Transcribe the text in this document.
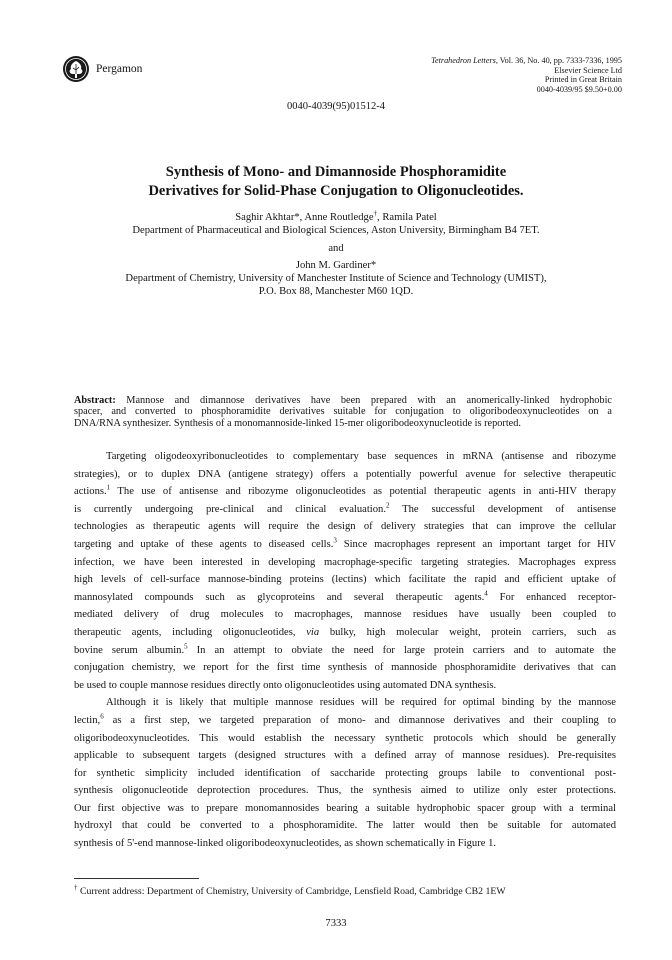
Pergamon
Tetrahedron Letters, Vol. 36, No. 40, pp. 7333-7336, 1995
Elsevier Science Ltd
Printed in Great Britain
0040-4039/95 $9.50+0.00
0040-4039(95)01512-4
Synthesis of Mono- and Dimannoside Phosphoramidite
Derivatives for Solid-Phase Conjugation to Oligonucleotides.
Saghir Akhtar*, Anne Routledge†, Ramila Patel
Department of Pharmaceutical and Biological Sciences, Aston University, Birmingham B4 7ET.
and
John M. Gardiner*
Department of Chemistry, University of Manchester Institute of Science and Technology (UMIST),
P.O. Box 88, Manchester M60 1QD.
Abstract: Mannose and dimannose derivatives have been prepared with an anomerically-linked hydrophobic
spacer, and converted to phosphoramidite derivatives suitable for conjugation to oligoribodeoxynucleotides on a
DNA/RNA synthesizer. Synthesis of a monomannoside-linked 15-mer oligoribodeoxynucleotide is reported.
Targeting oligodeoxyribonucleotides to complementary base sequences in mRNA (antisense and ribozyme
strategies), or to duplex DNA (antigene strategy) offers a potentially powerful avenue for selective therapeutic
actions.$^1$ The use of antisense and ribozyme oligonucleotides as potential therapeutic agents in anti-HIV therapy
is currently undergoing pre-clinical and clinical evaluation.$^2$ The successful development of antisense
technologies as therapeutic agents will require the design of delivery strategies that can improve the cellular
targeting and uptake of these agents to diseased cells.$^3$ Since macrophages represent an important target for HIV
infection, we have been interested in developing macrophage-specific targeting strategies. Macrophages express
high levels of cell-surface mannose-binding proteins (lectins) which facilitate the rapid and efficient uptake of
mannosylated compounds such as glycoproteins and several therapeutic agents.$^4$ For enhanced receptor-
mediated delivery of drug molecules to macrophages, mannose residues have usually been coupled to
therapeutic agents, including oligonucleotides, via bulky, high molecular weight, protein carriers, such as
bovine serum albumin.$^5$ In an attempt to obviate the need for large protein carriers and to automate the
conjugation chemistry, we report for the first time synthesis of mannoside phosphoramidite derivatives that can
be used to couple mannose residues directly onto oligonucleotides using automated DNA synthesis.
Although it is likely that multiple mannose residues will be required for optimal binding by the mannose
lectin,$^6$ as a first step, we targeted preparation of mono- and dimannose derivatives and their coupling to
oligoribodeoxynucleotides. This would establish the necessary synthetic protocols which should be generally
applicable to subsequent targets (designed structures with a defined array of mannose residues). Pre-requisites
for synthetic simplicity included identification of saccharide protecting groups labile to conventional post-
synthesis oligonucleotide deprotection procedures. Thus, the synthesis aimed to utilize only ester protections.
Our first objective was to prepare monomannosides bearing a suitable hydrophobic spacer group with a terminal
hydroxyl that could be converted to a phosphoramidite. The latter would then be suitable for automated
synthesis of 5'-end mannose-linked oligoribodeoxynucleotides, as shown schematically in Figure 1.
† Current address: Department of Chemistry, University of Cambridge, Lensfield Road, Cambridge CB2 1EW
7333
